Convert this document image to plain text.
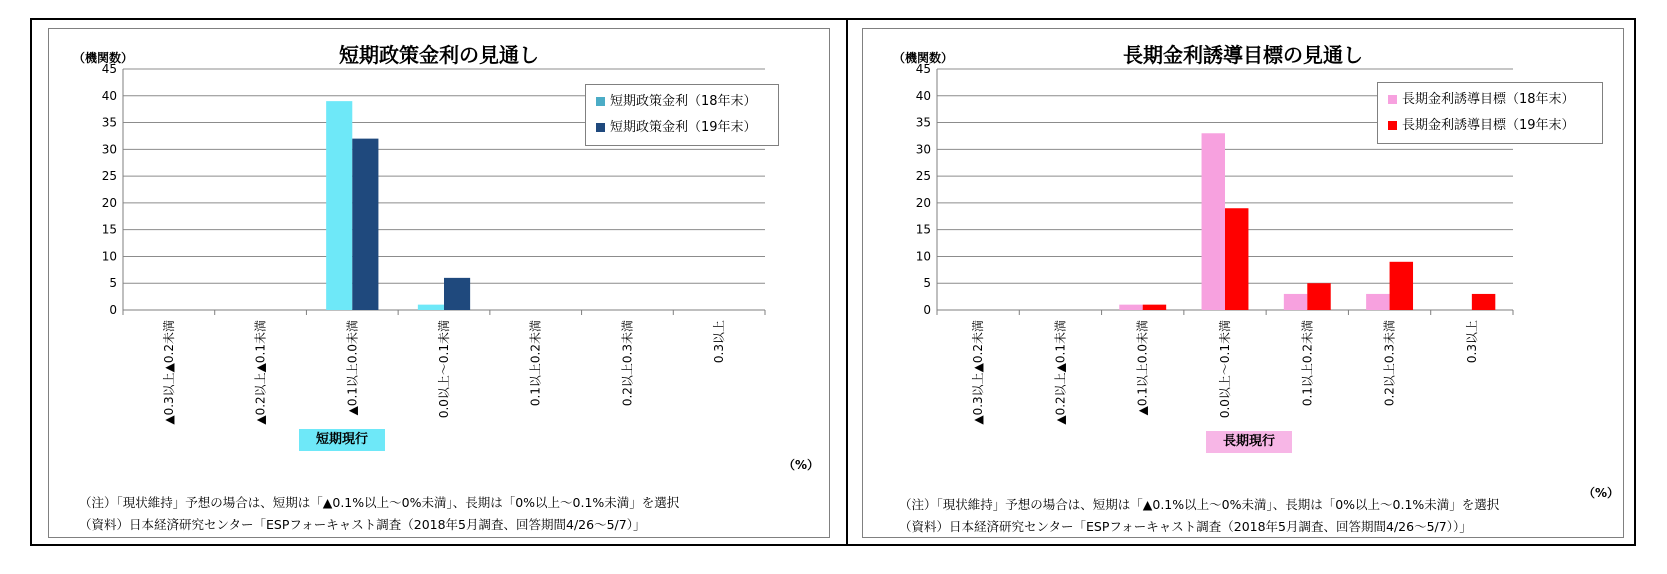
短期政策金利の見通し
（機関数）
0
5
10
15
20
25
30
35
40
45
▲0.3以上▲0.2未満	▲0.2以上▲0.1未満	▲0.1以上0.0未満	0.0以上～0.1未満	0.1以上0.2未満	0.2以上0.3未満	0.3以上
短期政策金利（18年末）
短期政策金利（19年末）
短期現行
（%）
（注）「現状維持」予想の場合は、短期は「▲0.1%以上～0%未満」、長期は「0%以上～0.1%未満」を選択
（資料）日本経済研究センター「ESPフォーキャスト調査（2018年5月調査、回答期間4/26～5/7）」
長期金利誘導目標の見通し
（機関数）
0
5
10
15
20
25
30
35
40
45
▲0.3以上▲0.2未満	▲0.2以上▲0.1未満	▲0.1以上0.0未満	0.0以上～0.1未満	0.1以上0.2未満	0.2以上0.3未満	0.3以上
長期金利誘導目標（18年末）
長期金利誘導目標（19年末）
長期現行
（%）
（注）「現状維持」予想の場合は、短期は「▲0.1%以上～0%未満」、長期は「0%以上～0.1%未満」を選択
（資料）日本経済研究センター「ESPフォーキャスト調査（2018年5月調査、回答期間4/26～5/7））」
